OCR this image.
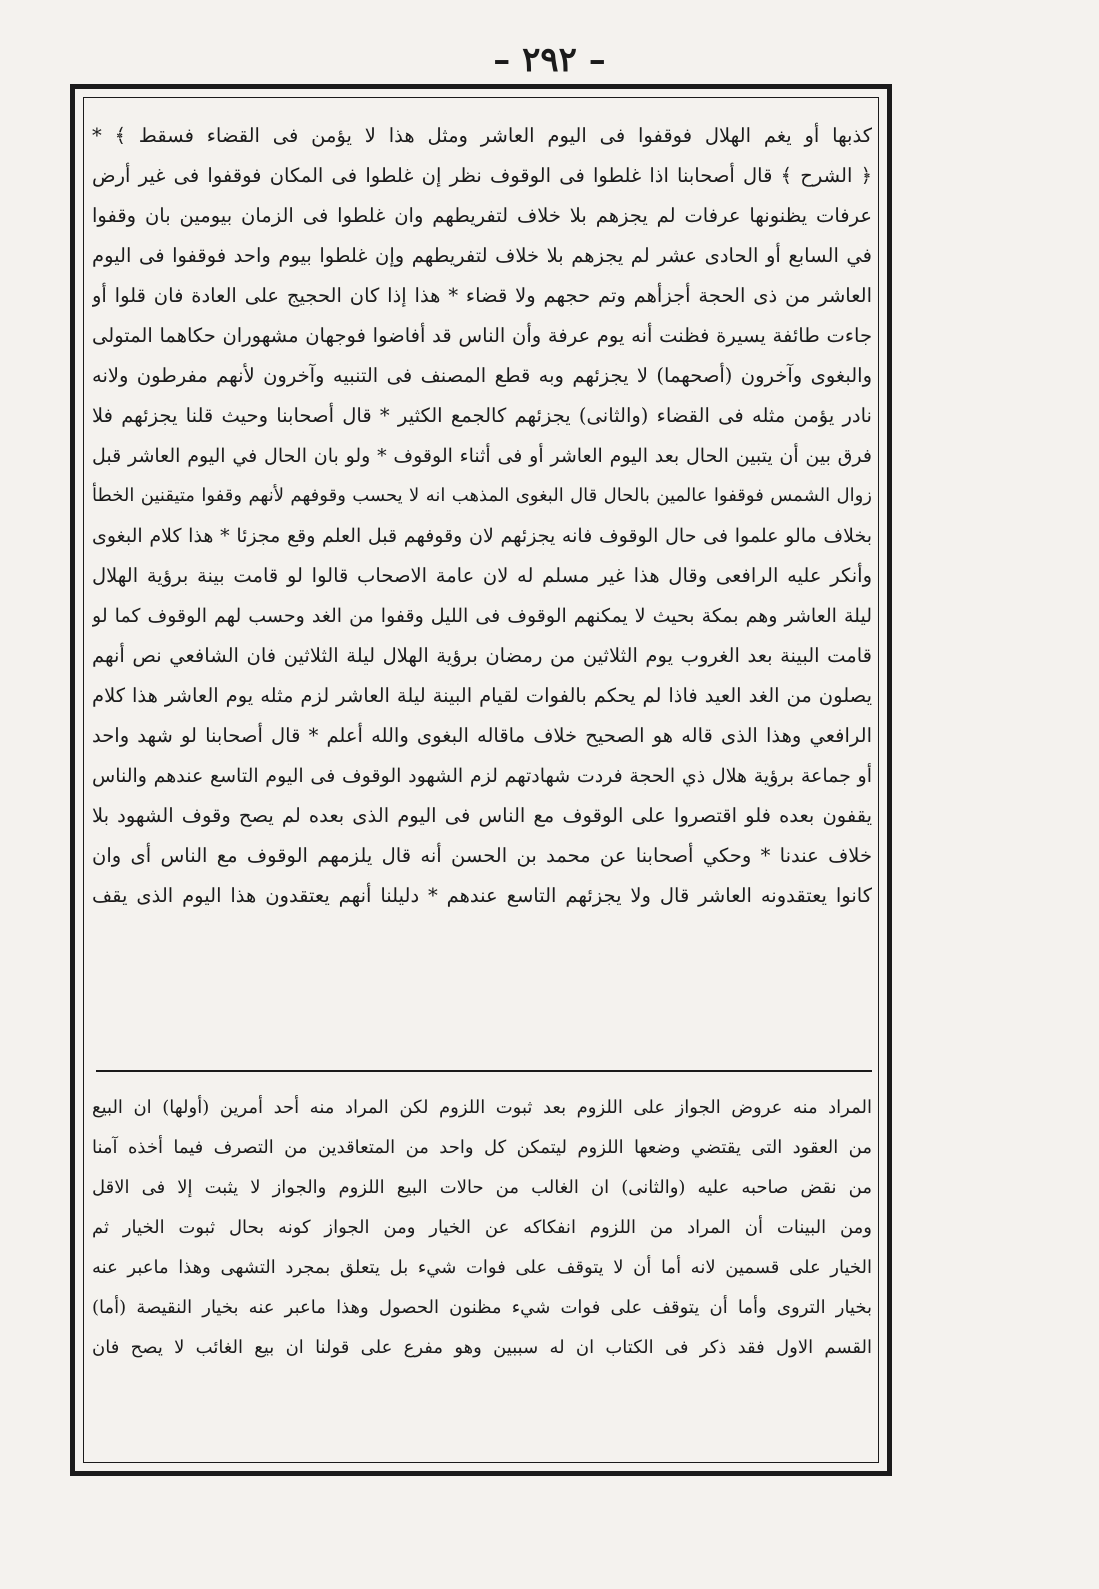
– ٢٩٢ –
كذبها أو يغم الهلال فوقفوا فى اليوم العاشر ومثل هذا لا يؤمن فى القضاء فسقط ﴾ *
﴿ الشرح ﴾ قال أصحابنا اذا غلطوا فى الوقوف نظر إن غلطوا فى المكان فوقفوا فى غير أرض
عرفات يظنونها عرفات لم يجزهم بلا خلاف لتفريطهم وان غلطوا فى الزمان بيومين بان وقفوا
في السابع أو الحادى عشر لم يجزهم بلا خلاف لتفريطهم وإن غلطوا بيوم واحد فوقفوا فى اليوم
العاشر من ذى الحجة أجزأهم وتم حجهم ولا قضاء * هذا إذا كان الحجيج على العادة فان قلوا أو
جاءت طائفة يسيرة فظنت أنه يوم عرفة وأن الناس قد أفاضوا فوجهان مشهوران حكاهما المتولى
والبغوى وآخرون (أصحهما) لا يجزئهم وبه قطع المصنف فى التنبيه وآخرون لأنهم مفرطون ولانه
نادر يؤمن مثله فى القضاء (والثانى) يجزئهم كالجمع الكثير * قال أصحابنا وحيث قلنا يجزئهم فلا
فرق بين أن يتبين الحال بعد اليوم العاشر أو فى أثناء الوقوف * ولو بان الحال في اليوم العاشر قبل
زوال الشمس فوقفوا عالمين بالحال قال البغوى المذهب انه لا يحسب وقوفهم لأنهم وقفوا متيقنين الخطأ
بخلاف مالو علموا فى حال الوقوف فانه يجزئهم لان وقوفهم قبل العلم وقع مجزئا * هذا كلام البغوى
وأنكر عليه الرافعى وقال هذا غير مسلم له لان عامة الاصحاب قالوا لو قامت بينة برؤية الهلال
ليلة العاشر وهم بمكة بحيث لا يمكنهم الوقوف فى الليل وقفوا من الغد وحسب لهم الوقوف كما لو
قامت البينة بعد الغروب يوم الثلاثين من رمضان برؤية الهلال ليلة الثلاثين فان الشافعي نص أنهم
يصلون من الغد العيد فاذا لم يحكم بالفوات لقيام البينة ليلة العاشر لزم مثله يوم العاشر هذا كلام
الرافعي وهذا الذى قاله هو الصحيح خلاف ماقاله البغوى والله أعلم * قال أصحابنا لو شهد واحد
أو جماعة برؤية هلال ذي الحجة فردت شهادتهم لزم الشهود الوقوف فى اليوم التاسع عندهم والناس
يقفون بعده فلو اقتصروا على الوقوف مع الناس فى اليوم الذى بعده لم يصح وقوف الشهود بلا
خلاف عندنا * وحكي أصحابنا عن محمد بن الحسن أنه قال يلزمهم الوقوف مع الناس أى وان
كانوا يعتقدونه العاشر قال ولا يجزئهم التاسع عندهم * دليلنا أنهم يعتقدون هذا اليوم الذى يقف
المراد منه عروض الجواز على اللزوم بعد ثبوت اللزوم لكن المراد منه أحد أمرين (أولها) ان البيع
من العقود التى يقتضي وضعها اللزوم ليتمكن كل واحد من المتعاقدين من التصرف فيما أخذه آمنا
من نقض صاحبه عليه (والثانى) ان الغالب من حالات البيع اللزوم والجواز لا يثبت إلا فى الاقل
ومن البينات أن المراد من اللزوم انفكاكه عن الخيار ومن الجواز كونه بحال ثبوت الخيار ثم
الخيار على قسمين لانه أما أن لا يتوقف على فوات شيء بل يتعلق بمجرد التشهى وهذا ماعبر عنه
بخيار التروى وأما أن يتوقف على فوات شيء مظنون الحصول وهذا ماعبر عنه بخيار النقيصة (أما)
القسم الاول فقد ذكر فى الكتاب ان له سببين وهو مفرع على قولنا ان بيع الغائب لا يصح فان
